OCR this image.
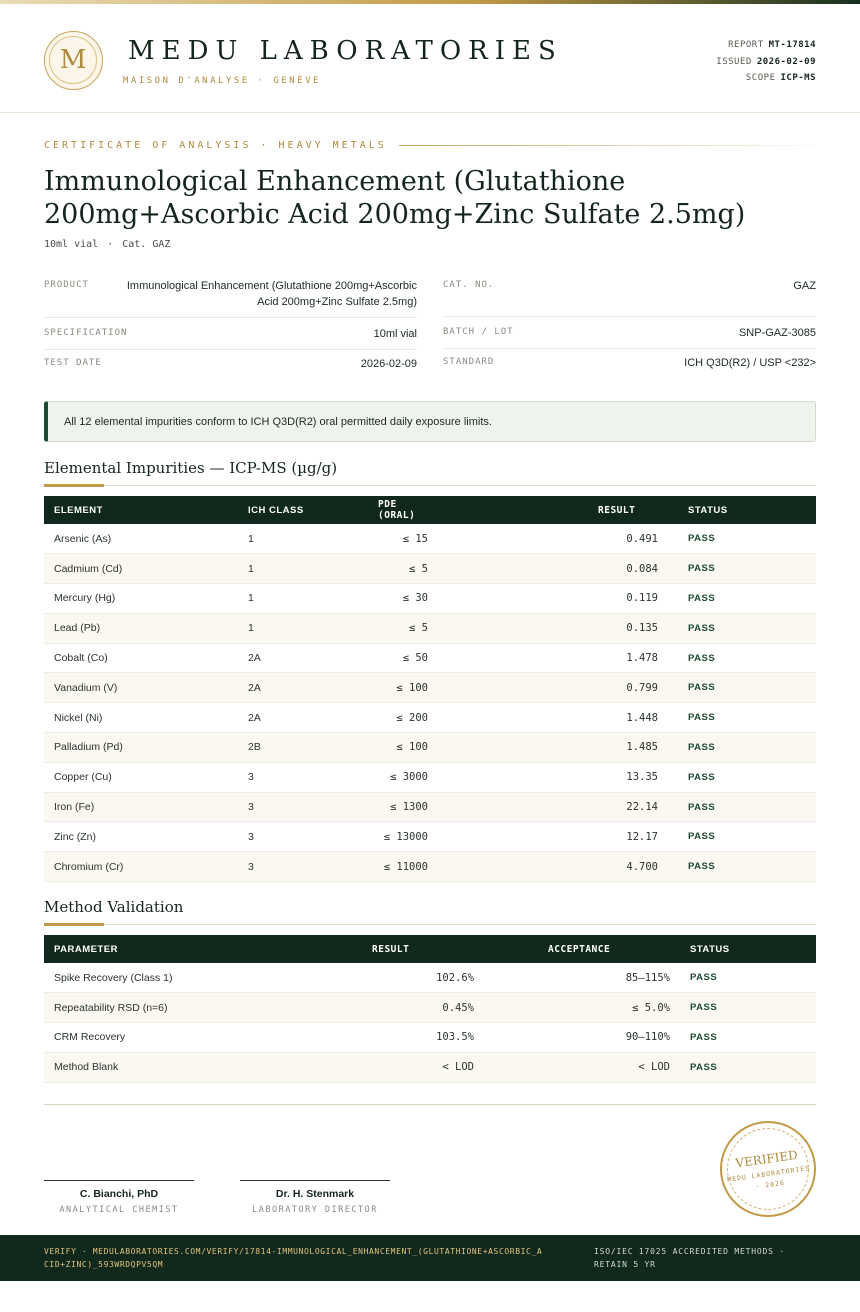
M	MEDU LABORATORIES
MAISON D'ANALYSE · GENÈVE
REPORT MT-17814
ISSUED 2026-02-09
SCOPE ICP-MS
CERTIFICATE OF ANALYSIS · HEAVY METALS
Immunological Enhancement (Glutathione 200mg+Ascorbic Acid 200mg+Zinc Sulfate 2.5mg)
10ml vial · Cat. GAZ
PRODUCT	Immunological Enhancement (Glutathione 200mg+Ascorbic Acid 200mg+Zinc Sulfate 2.5mg)
SPECIFICATION	10ml vial
TEST DATE	2026-02-09
CAT. NO.	GAZ
BATCH / LOT	SNP-GAZ-3085
STANDARD	ICH Q3D(R2) / USP <232>
All 12 elemental impurities conform to ICH Q3D(R2) oral permitted daily exposure limits.
Elemental Impurities — ICP-MS (µg/g)
ELEMENT	ICH CLASS	PDE (ORAL)	RESULT	STATUS
Arsenic (As)	1	≤ 15	0.491	PASS
Cadmium (Cd)	1	≤ 5	0.084	PASS
Mercury (Hg)	1	≤ 30	0.119	PASS
Lead (Pb)	1	≤ 5	0.135	PASS
Cobalt (Co)	2A	≤ 50	1.478	PASS
Vanadium (V)	2A	≤ 100	0.799	PASS
Nickel (Ni)	2A	≤ 200	1.448	PASS
Palladium (Pd)	2B	≤ 100	1.485	PASS
Copper (Cu)	3	≤ 3000	13.35	PASS
Iron (Fe)	3	≤ 1300	22.14	PASS
Zinc (Zn)	3	≤ 13000	12.17	PASS
Chromium (Cr)	3	≤ 11000	4.700	PASS
Method Validation
PARAMETER	RESULT	ACCEPTANCE	STATUS
Spike Recovery (Class 1)	102.6%	85–115%	PASS
Repeatability RSD (n=6)	0.45%	≤ 5.0%	PASS
CRM Recovery	103.5%	90–110%	PASS
Method Blank	< LOD	< LOD	PASS
C. Bianchi, PhD
ANALYTICAL CHEMIST
Dr. H. Stenmark
LABORATORY DIRECTOR
VERIFIED
MEDU LABORATORIES · 2026
VERIFY · MEDULABORATORIES.COM/VERIFY/17814-IMMUNOLOGICAL_ENHANCEMENT_(GLUTATHIONE+ASCORBIC_ACID+ZINC)_593WRDQPV5QM
ISO/IEC 17025 ACCREDITED METHODS · RETAIN 5 YR
